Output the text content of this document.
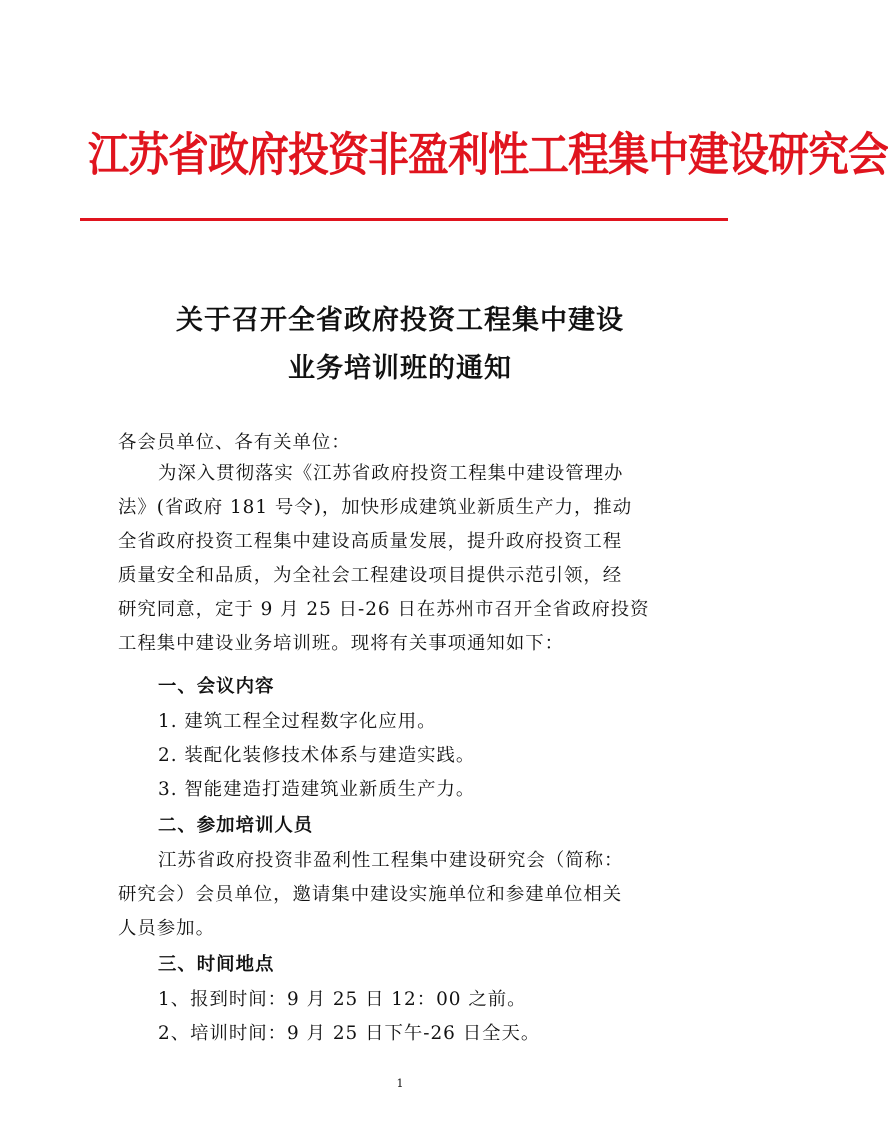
江苏省政府投资非盈利性工程集中建设研究会
关于召开全省政府投资工程集中建设
业务培训班的通知
各会员单位、各有关单位：
为深入贯彻落实《江苏省政府投资工程集中建设管理办
法》(省政府 181 号令)，加快形成建筑业新质生产力，推动
全省政府投资工程集中建设高质量发展，提升政府投资工程
质量安全和品质，为全社会工程建设项目提供示范引领，经
研究同意，定于 9 月 25 日-26 日在苏州市召开全省政府投资
工程集中建设业务培训班。现将有关事项通知如下：
一、会议内容
1. 建筑工程全过程数字化应用。
2. 装配化装修技术体系与建造实践。
3. 智能建造打造建筑业新质生产力。
二、参加培训人员
江苏省政府投资非盈利性工程集中建设研究会（简称：
研究会）会员单位，邀请集中建设实施单位和参建单位相关
人员参加。
三、时间地点
1、报到时间：9 月 25 日 12：00 之前。
2、培训时间：9 月 25 日下午-26 日全天。
1
